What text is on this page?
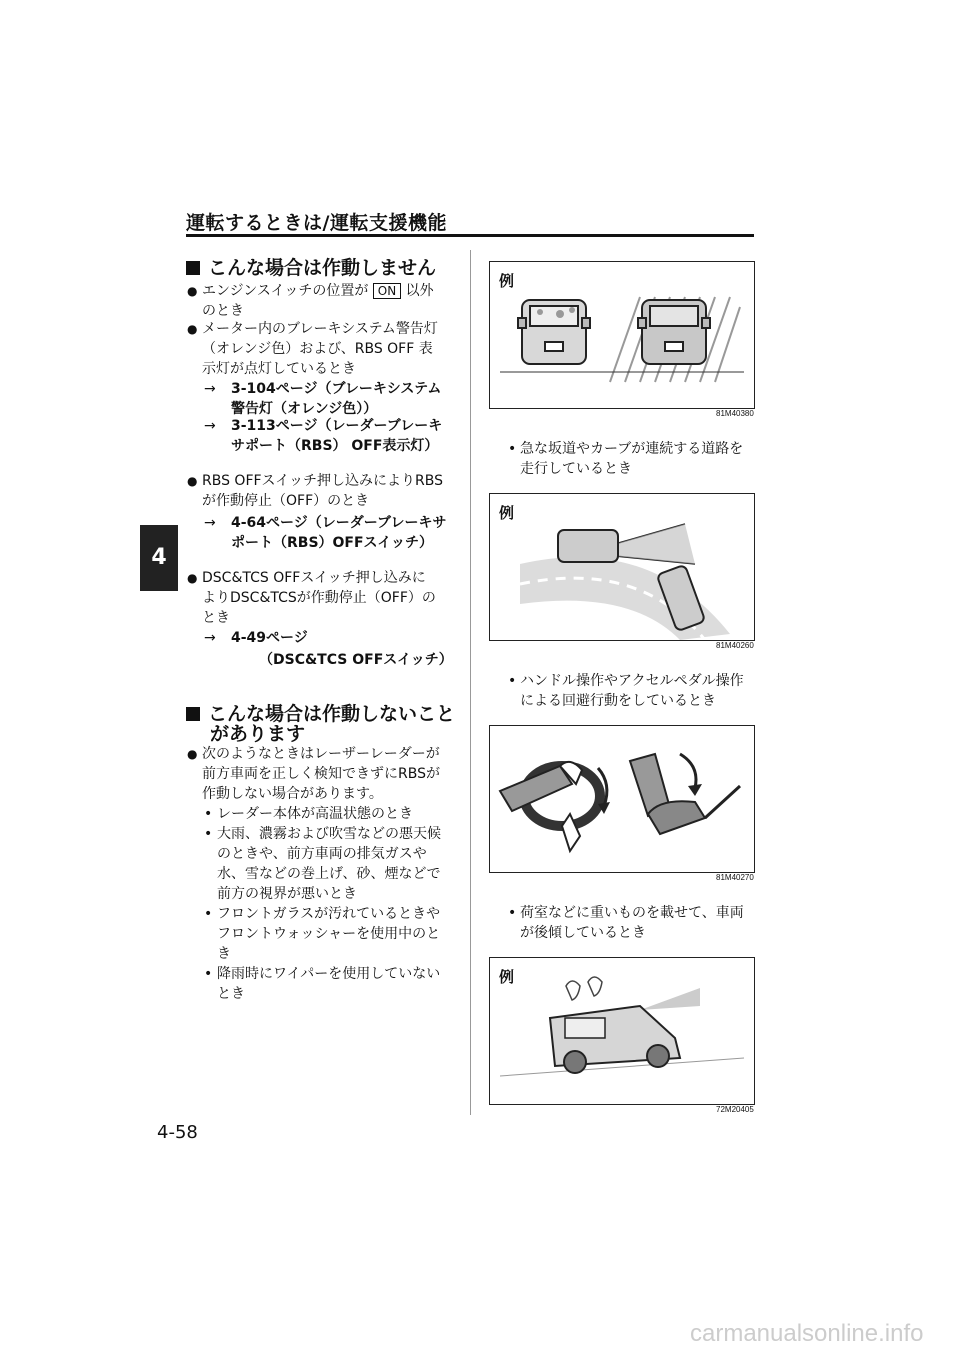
運転するときは/運転支援機能
4
こんな場合は作動しません
● エンジンスイッチの位置が ON 以外
のとき
● メーター内のブレーキシステム警告灯
（オレンジ色）および、RBS OFF 表
示灯が点灯しているとき
→ 3-104ページ（ブレーキシステム
警告灯（オレンジ色））
→ 3-113ページ（レーダーブレーキ
サポート（RBS） OFF表示灯）
● RBS OFFスイッチ押し込みによりRBS
が作動停止（OFF）のとき
→ 4-64ページ（レーダーブレーキサ
ポート（RBS）OFFスイッチ）
● DSC&TCS OFFスイッチ押し込みに
よりDSC&TCSが作動停止（OFF）の
とき
→ 4-49ページ
（DSC&TCS OFFスイッチ）
こんな場合は作動しないこと
があります
● 次のようなときはレーザーレーダーが
前方車両を正しく検知できずにRBSが
作動しない場合があります。
• レーダー本体が高温状態のとき
• 大雨、濃霧および吹雪などの悪天候
のときや、前方車両の排気ガスや
水、雪などの巻上げ、砂、煙などで
前方の視界が悪いとき
• フロントガラスが汚れているときや
フロントウォッシャーを使用中のと
き
• 降雨時にワイパーを使用していない
とき
例
81M40380
• 急な坂道やカーブが連続する道路を
走行しているとき
例
81M40260
• ハンドル操作やアクセルペダル操作
による回避行動をしているとき
81M40270
• 荷室などに重いものを載せて、車両
が後傾しているとき
例
72M20405
4-58
carmanualsonline.info
